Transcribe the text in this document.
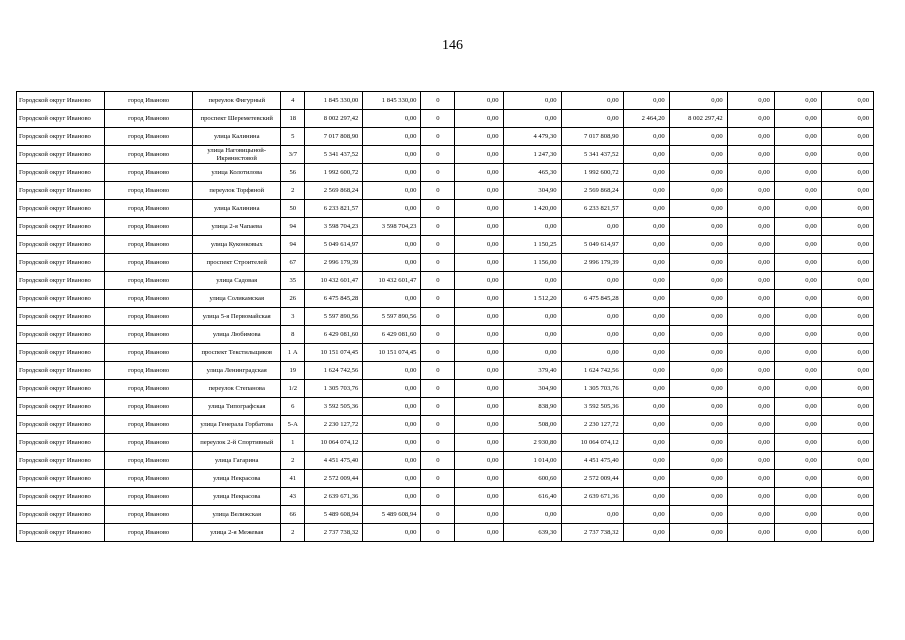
146
Городской округ Иваново	город Иваново	переулок Фигурный	4	1 845 330,00	1 845 330,00	0	0,00	0,00	0,00	0,00	0,00	0,00	0,00	0,00
Городской округ Иваново	город Иваново	проспект Шереметевский	18	8 002 297,42	0,00	0	0,00	0,00	0,00	2 464,20	8 002 297,42	0,00	0,00	0,00
Городской округ Иваново	город Иваново	улица Калинина	5	7 017 808,90	0,00	0	0,00	4 479,30	7 017 808,90	0,00	0,00	0,00	0,00	0,00
Городской округ Иваново	город Иваново	улица Наговицыной-Икрянистовой	3/7	5 341 437,52	0,00	0	0,00	1 247,30	5 341 437,52	0,00	0,00	0,00	0,00	0,00
Городской округ Иваново	город Иваново	улица Колотилова	56	1 992 600,72	0,00	0	0,00	465,30	1 992 600,72	0,00	0,00	0,00	0,00	0,00
Городской округ Иваново	город Иваново	переулок Торфяной	2	2 569 868,24	0,00	0	0,00	304,90	2 569 868,24	0,00	0,00	0,00	0,00	0,00
Городской округ Иваново	город Иваново	улица Калинина	50	6 233 821,57	0,00	0	0,00	1 420,00	6 233 821,57	0,00	0,00	0,00	0,00	0,00
Городской округ Иваново	город Иваново	улица 2-я Чапаева	94	3 598 704,23	3 598 704,23	0	0,00	0,00	0,00	0,00	0,00	0,00	0,00	0,00
Городской округ Иваново	город Иваново	улица Куконковых	94	5 049 614,97	0,00	0	0,00	1 150,25	5 049 614,97	0,00	0,00	0,00	0,00	0,00
Городской округ Иваново	город Иваново	проспект Строителей	67	2 996 179,39	0,00	0	0,00	1 156,00	2 996 179,39	0,00	0,00	0,00	0,00	0,00
Городской округ Иваново	город Иваново	улица Садовая	35	10 432 601,47	10 432 601,47	0	0,00	0,00	0,00	0,00	0,00	0,00	0,00	0,00
Городской округ Иваново	город Иваново	улица Соликамская	26	6 475 845,28	0,00	0	0,00	1 512,20	6 475 845,28	0,00	0,00	0,00	0,00	0,00
Городской округ Иваново	город Иваново	улица 5-я Первомайская	3	5 597 890,56	5 597 890,56	0	0,00	0,00	0,00	0,00	0,00	0,00	0,00	0,00
Городской округ Иваново	город Иваново	улица Любимова	8	6 429 081,60	6 429 081,60	0	0,00	0,00	0,00	0,00	0,00	0,00	0,00	0,00
Городской округ Иваново	город Иваново	проспект Текстильщиков	1 А	10 151 074,45	10 151 074,45	0	0,00	0,00	0,00	0,00	0,00	0,00	0,00	0,00
Городской округ Иваново	город Иваново	улица Ленинградская	19	1 624 742,56	0,00	0	0,00	379,40	1 624 742,56	0,00	0,00	0,00	0,00	0,00
Городской округ Иваново	город Иваново	переулок Степанова	1/2	1 305 703,76	0,00	0	0,00	304,90	1 305 703,76	0,00	0,00	0,00	0,00	0,00
Городской округ Иваново	город Иваново	улица Типографская	6	3 592 505,36	0,00	0	0,00	838,90	3 592 505,36	0,00	0,00	0,00	0,00	0,00
Городской округ Иваново	город Иваново	улица Генерала Горбатова	5-А	2 230 127,72	0,00	0	0,00	508,00	2 230 127,72	0,00	0,00	0,00	0,00	0,00
Городской округ Иваново	город Иваново	переулок 2-й Спортивный	1	10 064 074,12	0,00	0	0,00	2 930,80	10 064 074,12	0,00	0,00	0,00	0,00	0,00
Городской округ Иваново	город Иваново	улица Гагарина	2	4 451 475,40	0,00	0	0,00	1 014,00	4 451 475,40	0,00	0,00	0,00	0,00	0,00
Городской округ Иваново	город Иваново	улица Некрасова	41	2 572 009,44	0,00	0	0,00	600,60	2 572 009,44	0,00	0,00	0,00	0,00	0,00
Городской округ Иваново	город Иваново	улица Некрасова	43	2 639 671,36	0,00	0	0,00	616,40	2 639 671,36	0,00	0,00	0,00	0,00	0,00
Городской округ Иваново	город Иваново	улица Велижская	66	5 489 608,94	5 489 608,94	0	0,00	0,00	0,00	0,00	0,00	0,00	0,00	0,00
Городской округ Иваново	город Иваново	улица 2-я Межевая	2	2 737 738,32	0,00	0	0,00	639,30	2 737 738,32	0,00	0,00	0,00	0,00	0,00
